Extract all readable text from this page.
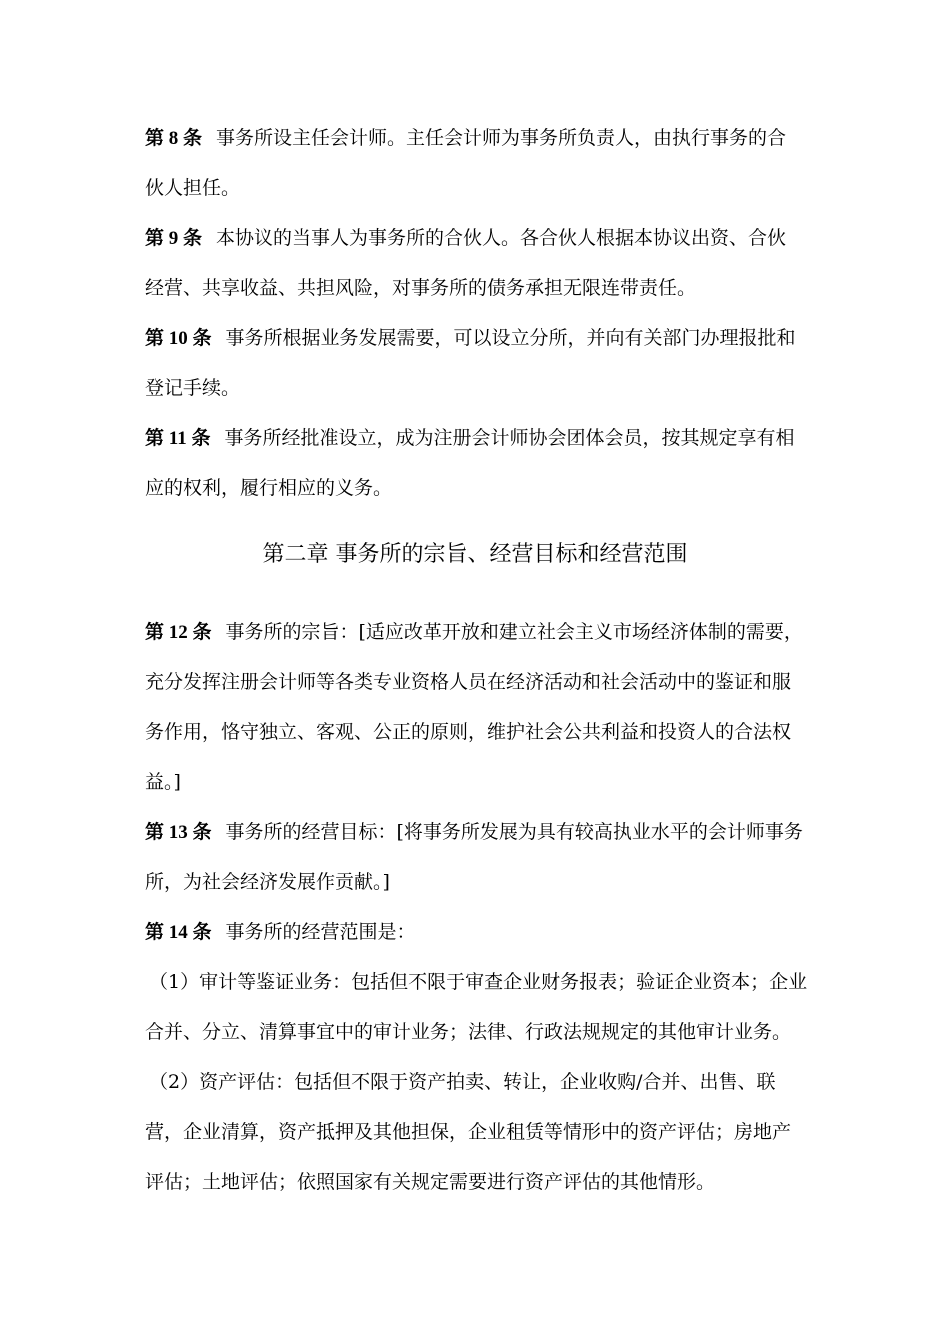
第 8 条 事务所设主任会计师。主任会计师为事务所负责人，由执行事务的合
伙人担任。
第 9 条 本协议的当事人为事务所的合伙人。各合伙人根据本协议出资、合伙
经营、共享收益、共担风险，对事务所的债务承担无限连带责任。
第 10 条 事务所根据业务发展需要，可以设立分所，并向有关部门办理报批和
登记手续。
第 11 条 事务所经批准设立，成为注册会计师协会团体会员，按其规定享有相
应的权利，履行相应的义务。
第二章 事务所的宗旨、经营目标和经营范围
第 12 条 事务所的宗旨：[适应改革开放和建立社会主义市场经济体制的需要，
充分发挥注册会计师等各类专业资格人员在经济活动和社会活动中的鉴证和服
务作用，恪守独立、客观、公正的原则，维护社会公共利益和投资人的合法权
益。]
第 13 条 事务所的经营目标：[将事务所发展为具有较高执业水平的会计师事务
所，为社会经济发展作贡献。]
第 14 条 事务所的经营范围是：
（1）审计等鉴证业务：包括但不限于审查企业财务报表；验证企业资本；企业
合并、分立、清算事宜中的审计业务；法律、行政法规规定的其他审计业务。
（2）资产评估：包括但不限于资产拍卖、转让，企业收购/合并、出售、联
营，企业清算，资产抵押及其他担保，企业租赁等情形中的资产评估；房地产
评估；土地评估；依照国家有关规定需要进行资产评估的其他情形。
